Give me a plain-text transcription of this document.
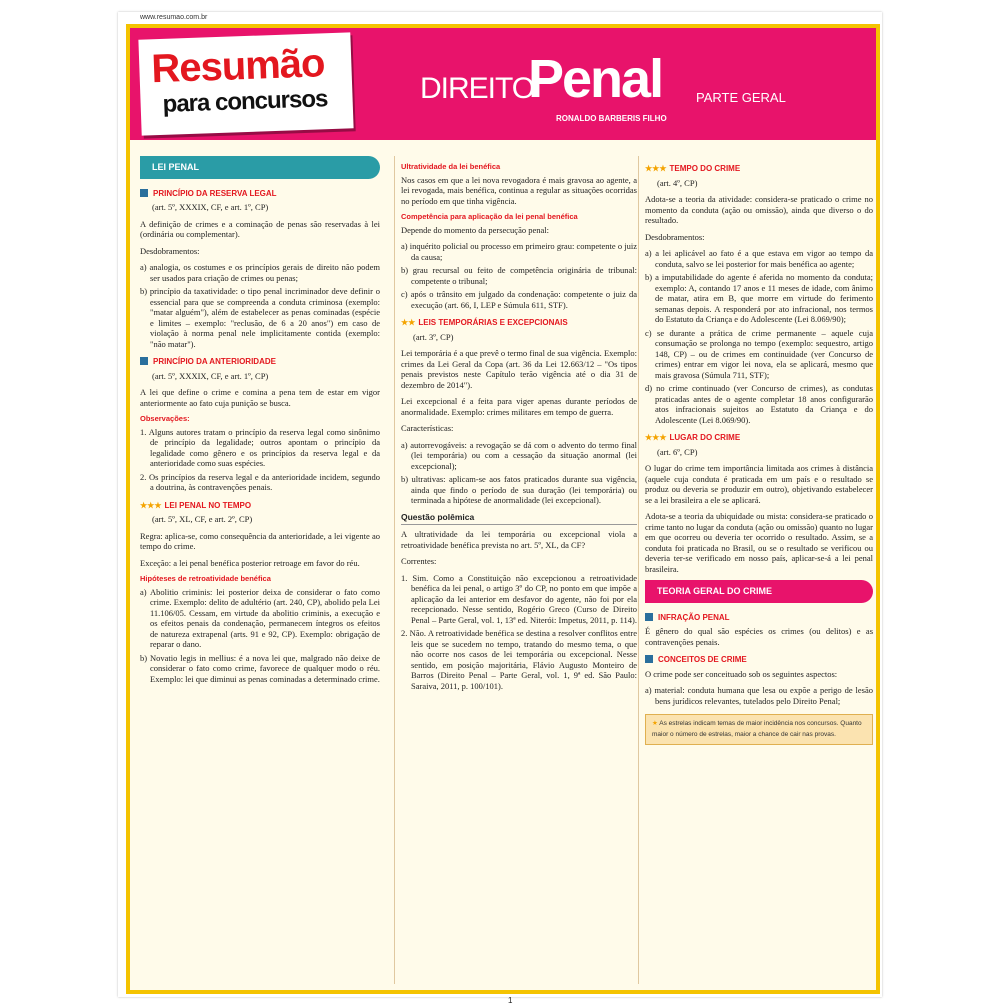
www.resumao.com.br
Resumão
para concursos	DIREITO
Penal	PARTE GERAL
RONALDO BARBERIS FILHO
LEI PENAL
PRINCÍPIO DA RESERVA LEGAL
(art. 5º, XXXIX, CF, e art. 1º, CP)
A definição de crimes e a cominação de penas são reservadas à lei (ordinária ou complementar).
Desdobramentos:
a) analogia, os costumes e os princípios gerais de direito não podem ser usados para criação de crimes ou penas;
b) princípio da taxatividade: o tipo penal incriminador deve definir o essencial para que se compreenda a conduta criminosa (exemplo: "matar alguém"), além de estabelecer as penas cominadas (espécie e limites – exemplo: "reclusão, de 6 a 20 anos") em caso de violação à norma penal nele implicitamente contida (exemplo: "não matar").
PRINCÍPIO DA ANTERIORIDADE
(art. 5º, XXXIX, CF, e art. 1º, CP)
A lei que define o crime e comina a pena tem de estar em vigor anteriormente ao fato cuja punição se busca.
Observações:
1. Alguns autores tratam o princípio da reserva legal como sinônimo de princípio da legalidade; outros apontam o princípio da legalidade como gênero e os princípios da reserva legal e da anterioridade como suas espécies.
2. Os princípios da reserva legal e da anterioridade incidem, segundo a doutrina, às contravenções penais.
★★★ LEI PENAL NO TEMPO
(art. 5º, XL, CF, e art. 2º, CP)
Regra: aplica-se, como consequência da anterioridade, a lei vigente ao tempo do crime.
Exceção: a lei penal benéfica posterior retroage em favor do réu.
Hipóteses de retroatividade benéfica
a) Abolitio criminis: lei posterior deixa de considerar o fato como crime. Exemplo: delito de adultério (art. 240, CP), abolido pela Lei 11.106/05. Cessam, em virtude da abolitio criminis, a execução e os efeitos penais da condenação, permanecem íntegros os efeitos de natureza extrapenal (arts. 91 e 92, CP). Exemplo: obrigação de reparar o dano.
b) Novatio legis in mellius: é a nova lei que, malgrado não deixe de considerar o fato como crime, favorece de qualquer modo o réu. Exemplo: lei que diminui as penas cominadas a determinado crime.
Ultratividade da lei benéfica
Nos casos em que a lei nova revogadora é mais gravosa ao agente, a lei revogada, mais benéfica, continua a regular as situações ocorridas no período em que tinha vigência.
Competência para aplicação da lei penal benéfica
Depende do momento da persecução penal:
a) inquérito policial ou processo em primeiro grau: competente o juiz da causa;
b) grau recursal ou feito de competência originária de tribunal: competente o tribunal;
c) após o trânsito em julgado da condenação: competente o juiz da execução (art. 66, I, LEP e Súmula 611, STF).
★★ LEIS TEMPORÁRIAS E EXCEPCIONAIS
(art. 3º, CP)
Lei temporária é a que prevê o termo final de sua vigência. Exemplo: crimes da Lei Geral da Copa (art. 36 da Lei 12.663/12 – "Os tipos penais previstos neste Capítulo terão vigência até o dia 31 de dezembro de 2014").
Lei excepcional é a feita para viger apenas durante períodos de anormalidade. Exemplo: crimes militares em tempo de guerra.
Características:
a) autorrevogáveis: a revogação se dá com o advento do termo final (lei temporária) ou com a cessação da situação anormal (lei excepcional);
b) ultrativas: aplicam-se aos fatos praticados durante sua vigência, ainda que findo o período de sua duração (lei temporária) ou terminada a hipótese de anormalidade (lei excepcional).
Questão polêmica
A ultratividade da lei temporária ou excepcional viola a retroatividade benéfica prevista no art. 5º, XL, da CF?
Correntes:
1. Sim. Como a Constituição não excepcionou a retroatividade benéfica da lei penal, o artigo 3º do CP, no ponto em que impõe a aplicação da lei anterior em desfavor do agente, não foi por ela recepcionado. Nesse sentido, Rogério Greco (Curso de Direito Penal – Parte Geral, vol. 1, 13ª ed. Niterói: Impetus, 2011, p. 114).
2. Não. A retroatividade benéfica se destina a resolver conflitos entre leis que se sucedem no tempo, tratando do mesmo tema, o que não ocorre nos casos de lei temporária ou excepcional. Nesse sentido, em posição majoritária, Flávio Augusto Monteiro de Barros (Direito Penal – Parte Geral, vol. 1, 9ª ed. São Paulo: Saraiva, 2011, p. 100/101).
★★★ TEMPO DO CRIME
(art. 4º, CP)
Adota-se a teoria da atividade: considera-se praticado o crime no momento da conduta (ação ou omissão), ainda que diverso o do resultado.
Desdobramentos:
a) a lei aplicável ao fato é a que estava em vigor ao tempo da conduta, salvo se lei posterior for mais benéfica ao agente;
b) a imputabilidade do agente é aferida no momento da conduta; exemplo: A, contando 17 anos e 11 meses de idade, com ânimo de matar, atira em B, que morre em virtude do ferimento semanas depois. A responderá por ato infracional, nos termos do Estatuto da Criança e do Adolescente (Lei 8.069/90);
c) se durante a prática de crime permanente – aquele cuja consumação se prolonga no tempo (exemplo: sequestro, artigo 148, CP) – ou de crimes em continuidade (ver Concurso de crimes) entrar em vigor lei nova, ela se aplicará, mesmo que mais gravosa (Súmula 711, STF);
d) no crime continuado (ver Concurso de crimes), as condutas praticadas antes de o agente completar 18 anos configurarão atos infracionais sujeitos ao Estatuto da Criança e do Adolescente (Lei 8.069/90).
★★★ LUGAR DO CRIME
(art. 6º, CP)
O lugar do crime tem importância limitada aos crimes à distância (aquele cuja conduta é praticada em um país e o resultado se produz ou deveria se produzir em outro), objetivando estabelecer se a lei brasileira a ele se aplicará.
Adota-se a teoria da ubiquidade ou mista: considera-se praticado o crime tanto no lugar da conduta (ação ou omissão) quanto no lugar em que ocorreu ou deveria ter ocorrido o resultado. Assim, se a conduta foi praticada no Brasil, ou se o resultado se verificou ou deveria ter-se verificado em nosso país, aplicar-se-á a lei penal brasileira.
TEORIA GERAL DO CRIME
INFRAÇÃO PENAL
É gênero do qual são espécies os crimes (ou delitos) e as contravenções penais.
CONCEITOS DE CRIME
O crime pode ser conceituado sob os seguintes aspectos:
a) material: conduta humana que lesa ou expõe a perigo de lesão bens jurídicos relevantes, tutelados pelo Direito Penal;
★ As estrelas indicam temas de maior incidência nos concursos. Quanto maior o número de estrelas, maior a chance de cair nas provas.
1
